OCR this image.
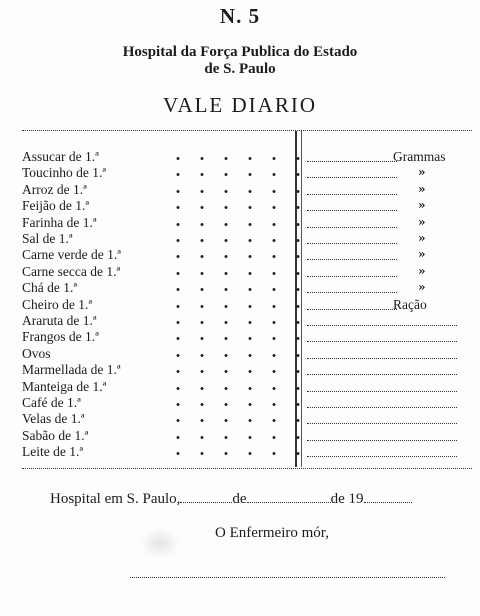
N. 5
Hospital da Força Publica do Estado
de S. Paulo
VALE DIARIO
Assucar de 1.ª	Grammas
Toucinho de 1.ª	»
Arroz de 1.ª	»
Feijão de 1.ª	»
Farinha de 1.ª	»
Sal de 1.ª	»
Carne verde de 1.ª	»
Carne secca de 1.ª	»
Chá de 1.ª	»
Cheiro de 1.ª	Ração
Araruta de 1.ª
Frangos de 1.ª
Ovos
Marmellada de 1.ª
Manteiga de 1.ª
Café de 1.ª
Velas de 1.ª
Sabão de 1.ª
Leite de 1.ª
Hospital em S. Paulo,	de	de 19
O Enfermeiro mór,
